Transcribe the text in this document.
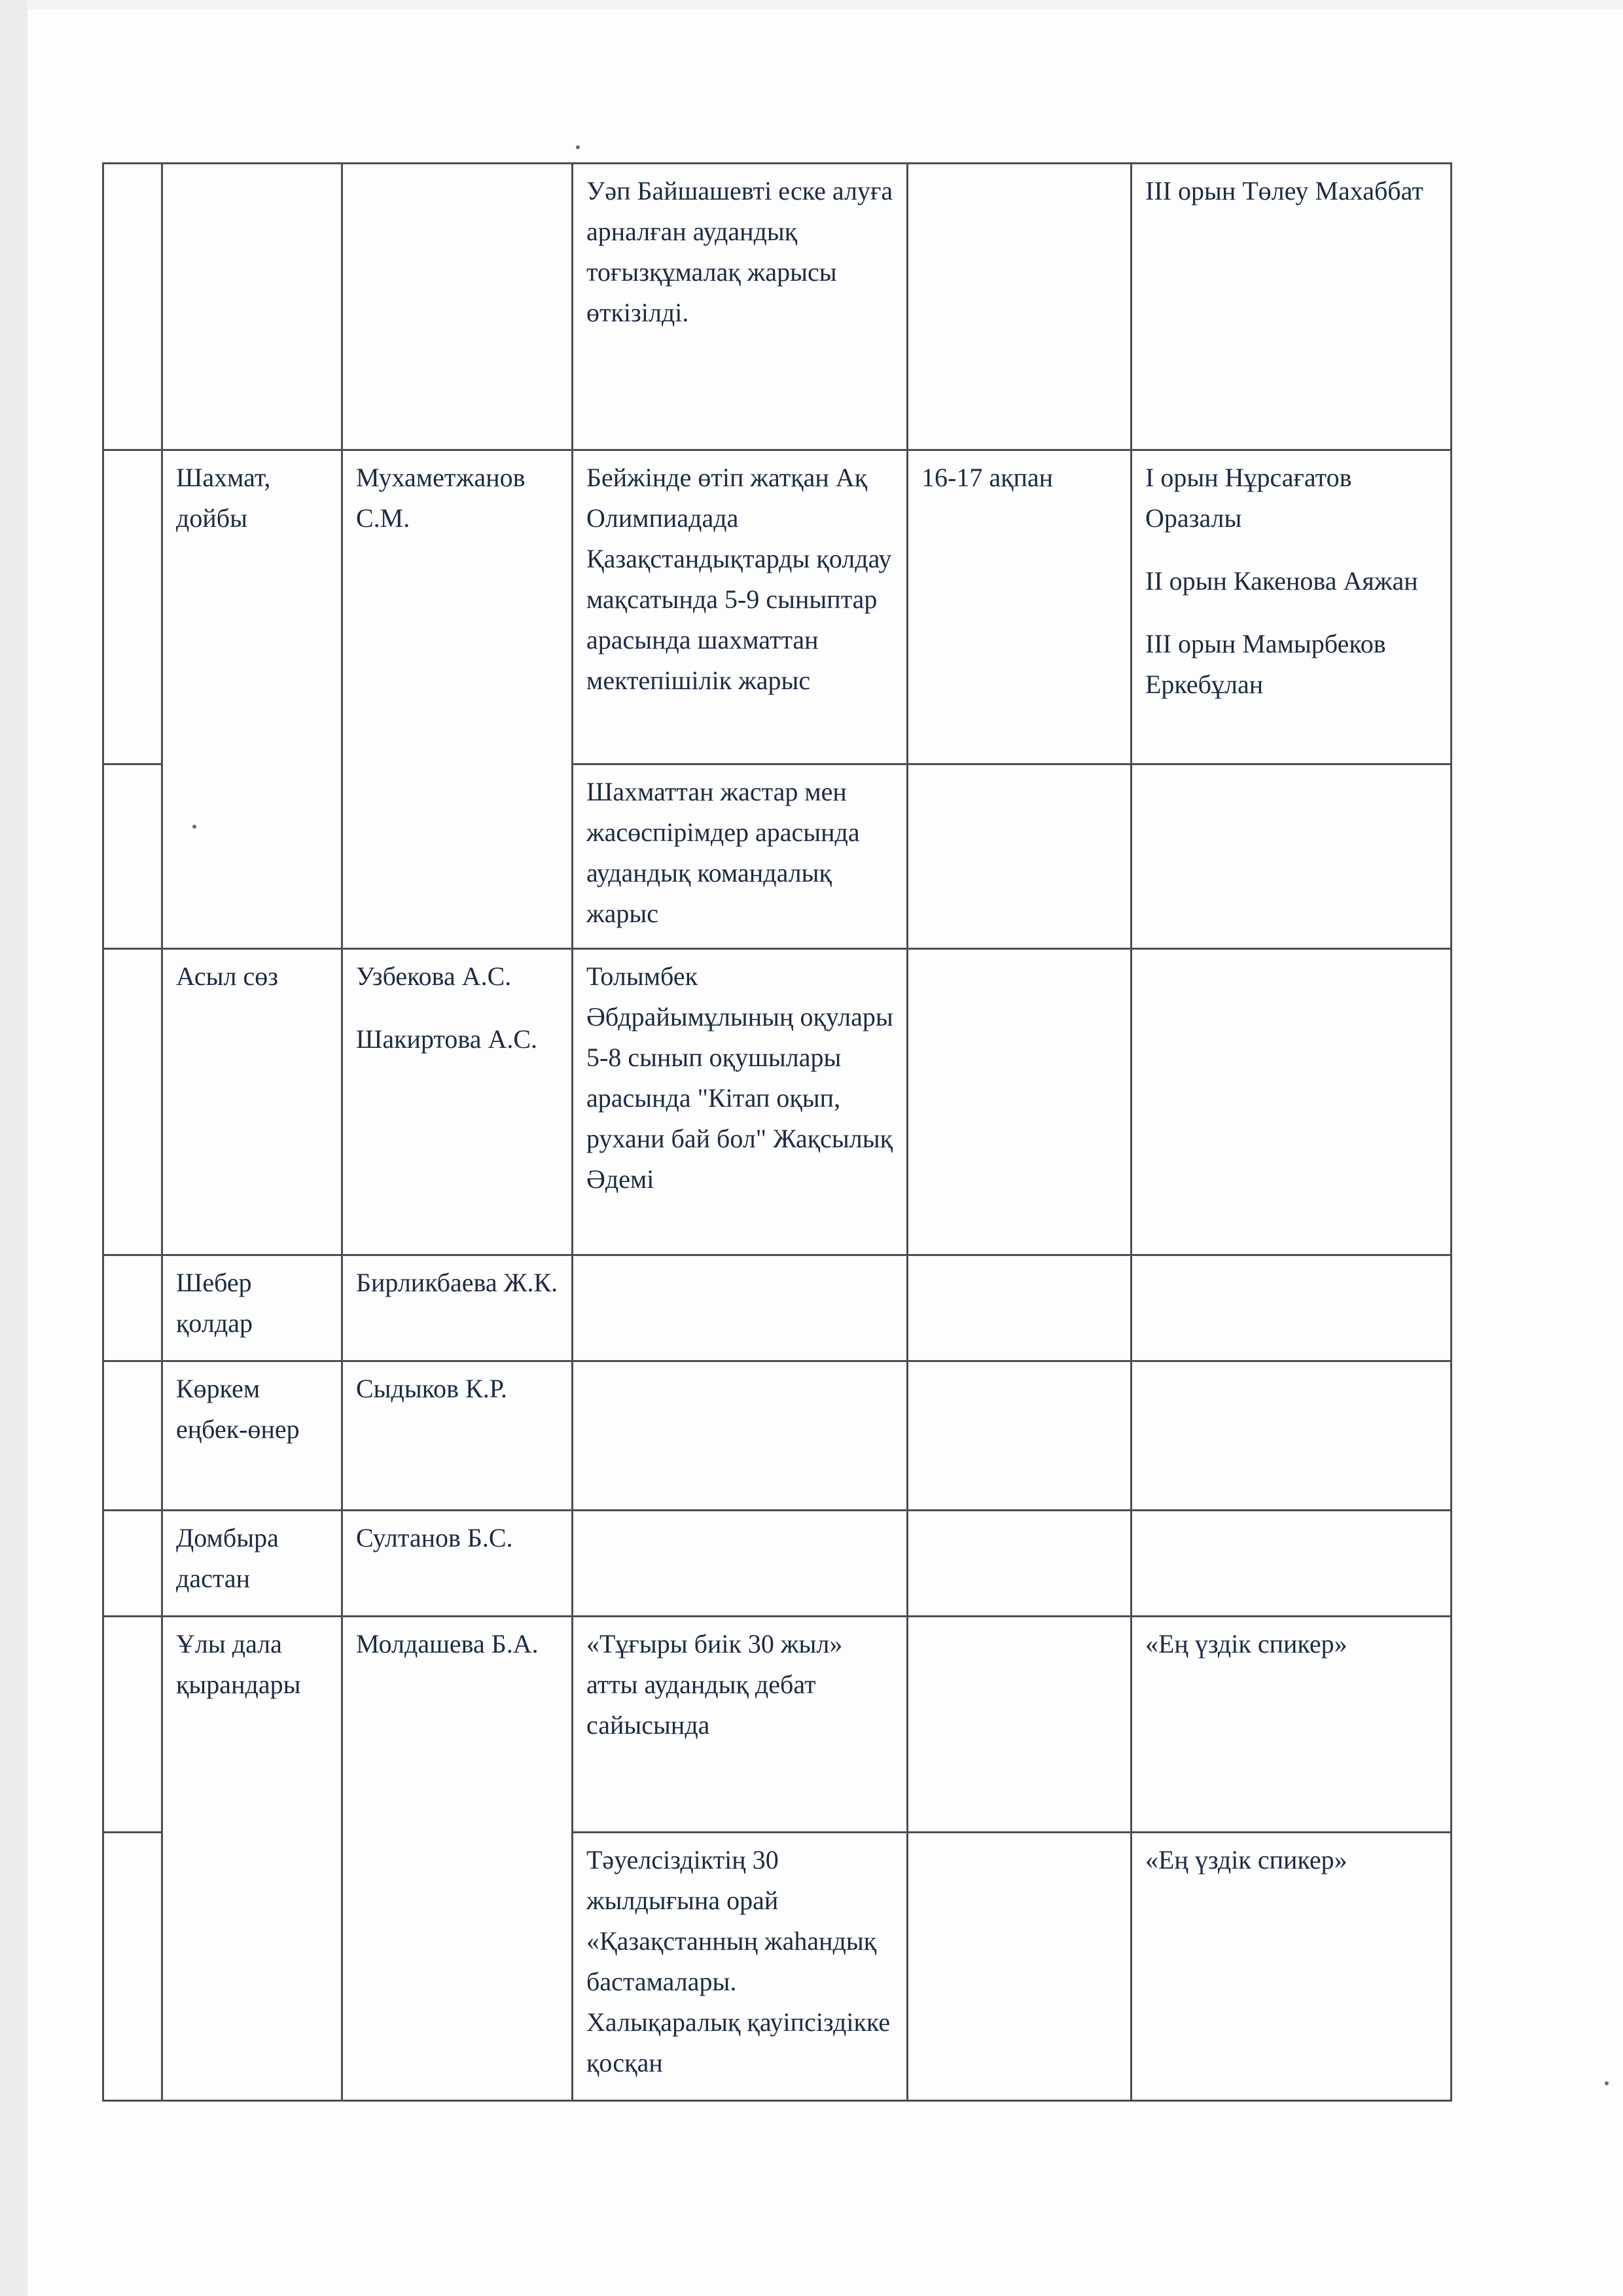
			Уәп Байшашевті еске алуға арналған аудандық тоғызқұмалақ жарысы өткізілді.		ІІІ орын Төлеу Махаббат

	Шахмат, дойбы	Мухаметжанов С.М.	Бейжінде өтіп жатқан Ақ Олимпиадада Қазақстандықтарды қолдау мақсатында 5-9 сыныптар арасында шахматтан мектепішілік жарыс	16-17 ақпан	І орын Нұрсағатов Оразалы
ІІ орын Какенова Аяжан
ІІІ орын Мамырбеков Еркебұлан

			Шахматтан жастар мен жасөспірімдер арасында аудандық командалық жарыс		
	Асыл сөз	Узбекова А.С.
Шакиртова А.С.	Толымбек Әбдрайымұлының оқулары 5-8 сынып оқушылары арасында "Кітап оқып, рухани бай бол" Жақсылық Әдемі		
	Шебер қолдар	Бирликбаева Ж.К.			

	Көркем еңбек-өнер	Сыдыков К.Р.			

	Домбыра дастан	Султанов Б.С.			

	Ұлы дала қырандары	Молдашева Б.А.	«Тұғыры биік 30 жыл» атты аудандық дебат сайысында		«Ең үздік спикер»

			Тәуелсіздіктің 30 жылдығына орай «Қазақстанның жаһандық бастамалары. Халықаралық қауіпсіздікке қосқан		«Ең үздік спикер»
